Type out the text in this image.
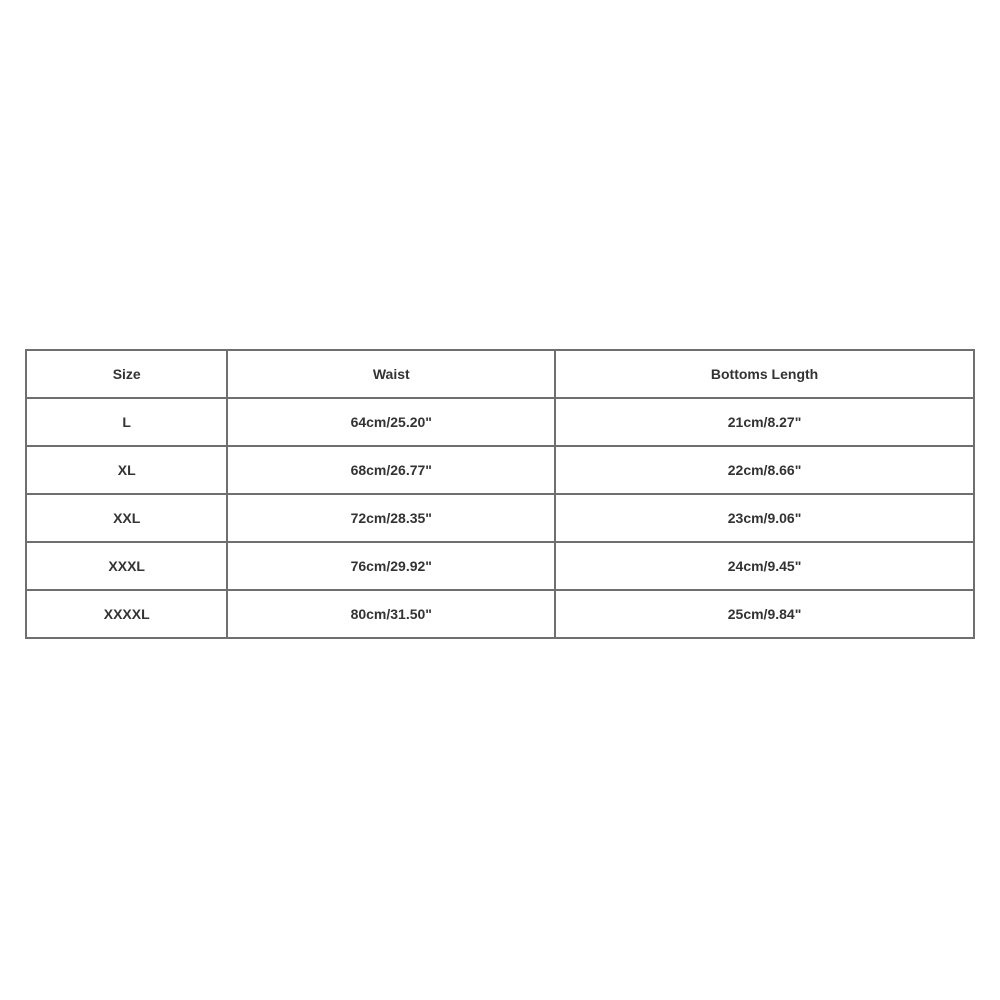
Size	Waist	Bottoms Length
L	64cm/25.20"	21cm/8.27"
XL	68cm/26.77"	22cm/8.66"
XXL	72cm/28.35"	23cm/9.06"
XXXL	76cm/29.92"	24cm/9.45"
XXXXL	80cm/31.50"	25cm/9.84"
